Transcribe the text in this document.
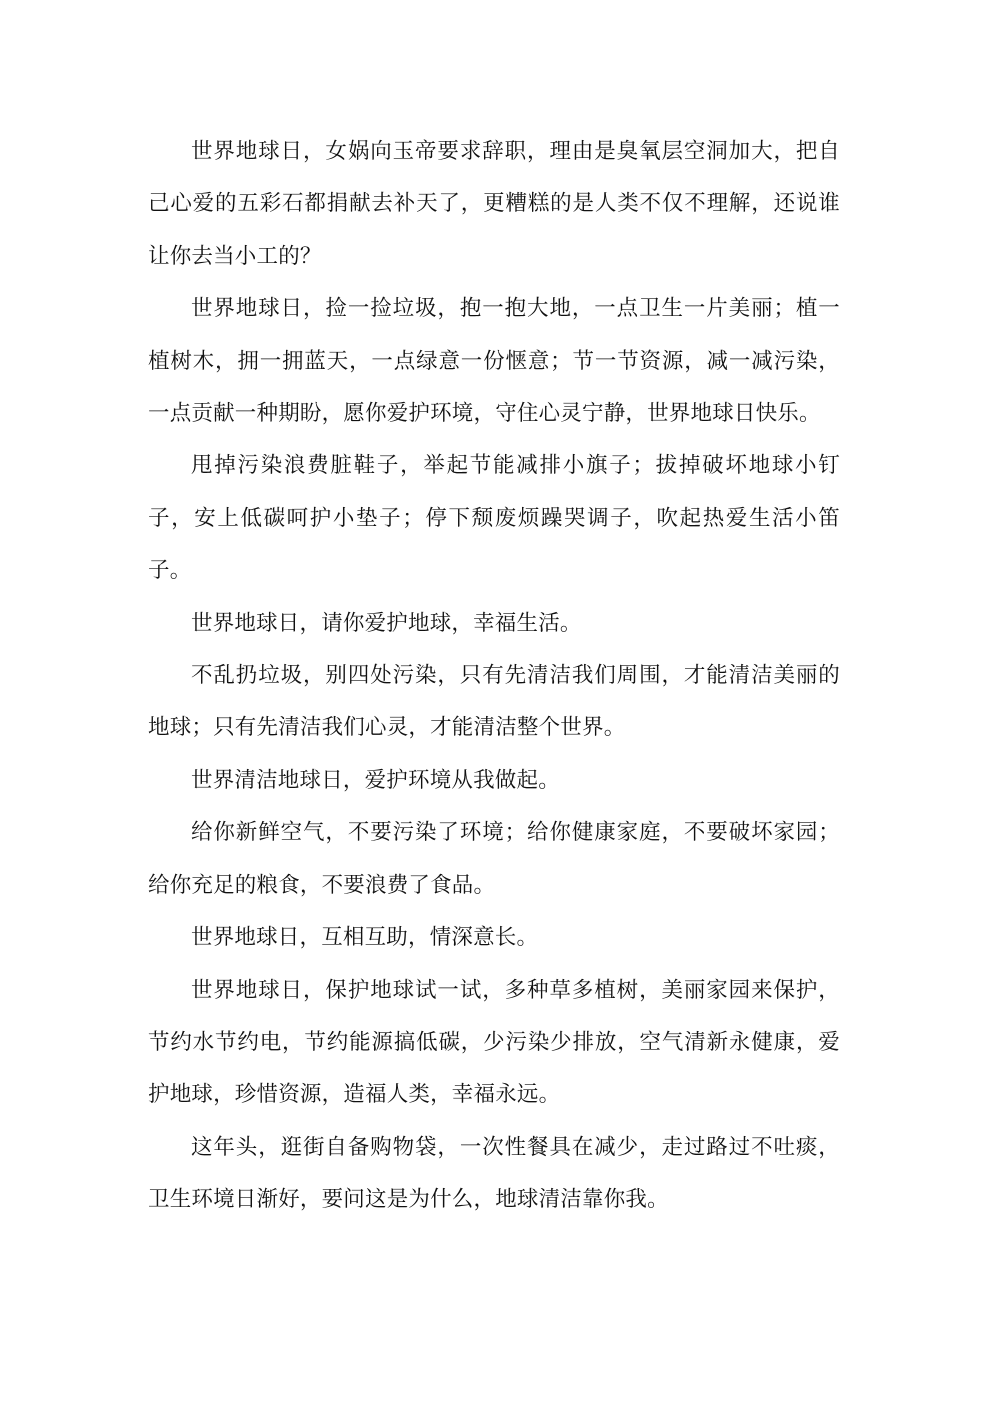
世界地球日，女娲向玉帝要求辞职，理由是臭氧层空洞加大，把自己心爱的五彩石都捐献去补天了，更糟糕的是人类不仅不理解，还说谁让你去当小工的？

世界地球日，捡一捡垃圾，抱一抱大地，一点卫生一片美丽；植一植树木，拥一拥蓝天，一点绿意一份惬意；节一节资源，减一减污染，一点贡献一种期盼，愿你爱护环境，守住心灵宁静，世界地球日快乐。

甩掉污染浪费脏鞋子，举起节能减排小旗子；拔掉破坏地球小钉子，安上低碳呵护小垫子；停下颓废烦躁哭调子，吹起热爱生活小笛子。

世界地球日，请你爱护地球，幸福生活。

不乱扔垃圾，别四处污染，只有先清洁我们周围，才能清洁美丽的地球；只有先清洁我们心灵，才能清洁整个世界。

世界清洁地球日，爱护环境从我做起。

给你新鲜空气，不要污染了环境；给你健康家庭，不要破坏家园；给你充足的粮食，不要浪费了食品。

世界地球日，互相互助，情深意长。

世界地球日，保护地球试一试，多种草多植树，美丽家园来保护，节约水节约电，节约能源搞低碳，少污染少排放，空气清新永健康，爱护地球，珍惜资源，造福人类，幸福永远。

这年头，逛街自备购物袋，一次性餐具在减少，走过路过不吐痰，卫生环境日渐好，要问这是为什么，地球清洁靠你我。
